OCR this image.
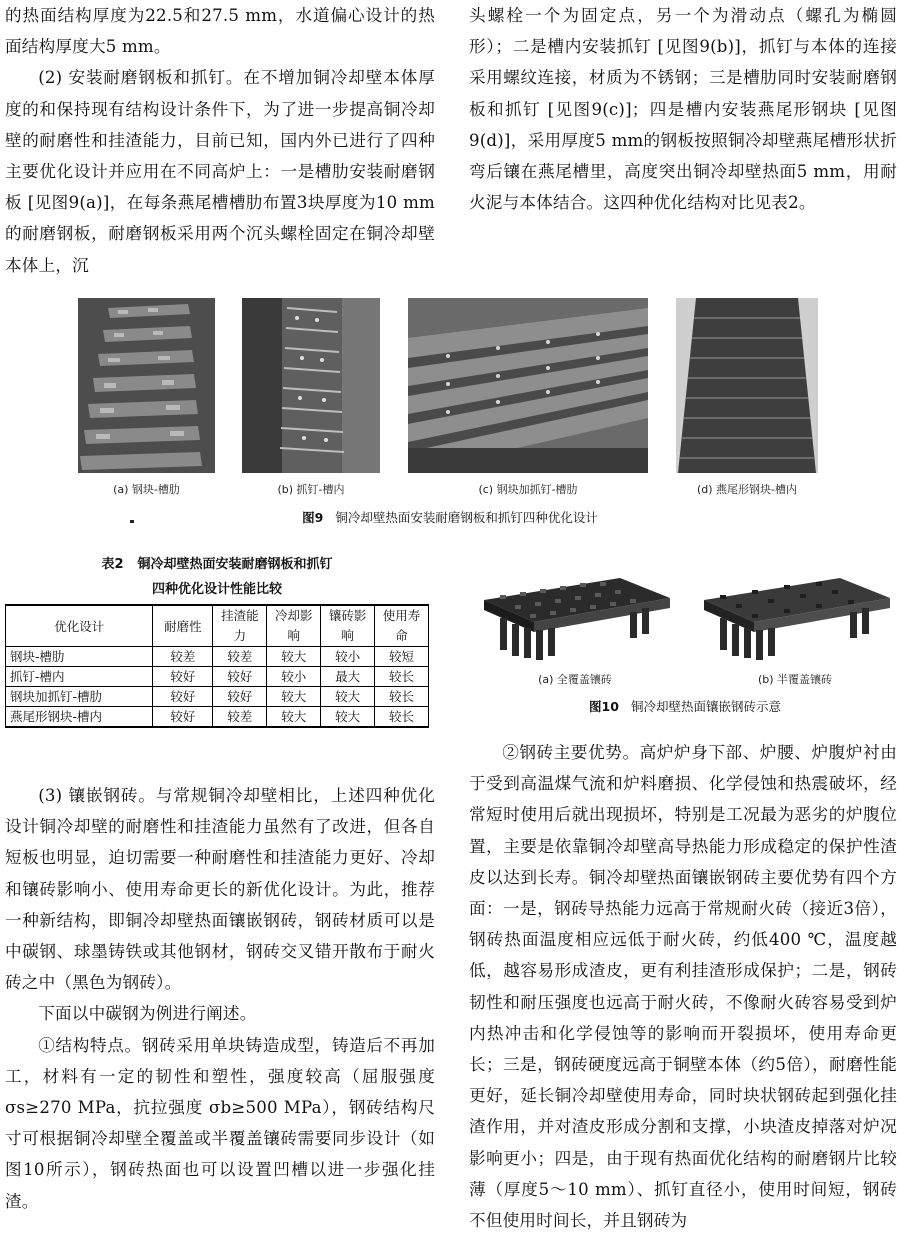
的热面结构厚度为22.5和27.5 mm，水道偏心设计的热面结构厚度大5 mm。

(2) 安装耐磨钢板和抓钉。在不增加铜冷却壁本体厚度的和保持现有结构设计条件下，为了进一步提高铜冷却壁的耐磨性和挂渣能力，目前已知，国内外已进行了四种主要优化设计并应用在不同高炉上：一是槽肋安装耐磨钢板 [见图9(a)]，在每条燕尾槽槽肋布置3块厚度为10 mm的耐磨钢板，耐磨钢板采用两个沉头螺栓固定在铜冷却壁本体上，沉

头螺栓一个为固定点，另一个为滑动点（螺孔为椭圆形）；二是槽内安装抓钉 [见图9(b)]，抓钉与本体的连接采用螺纹连接，材质为不锈钢；三是槽肋同时安装耐磨钢板和抓钉 [见图9(c)]；四是槽内安装燕尾形钢块 [见图9(d)]，采用厚度5 mm的钢板按照铜冷却壁燕尾槽形状折弯后镶在燕尾槽里，高度突出铜冷却壁热面5 mm，用耐火泥与本体结合。这四种优化结构对比见表2。

(a) 钢块-槽肋	(b) 抓钉-槽内	(c) 钢块加抓钉-槽肋	(d) 燕尾形钢块-槽内
图9 铜冷却壁热面安装耐磨钢板和抓钉四种优化设计
表2 铜冷却壁热面安装耐磨钢板和抓钉
四种优化设计性能比较
优化设计	耐磨性	挂渣能力	冷却影响	镶砖影响	使用寿命
钢块-槽肋	较差	较差	较大	较小	较短
抓钉-槽内	较好	较好	较小	最大	较长
钢块加抓钉-槽肋	较好	较好	较大	较大	较长
燕尾形钢块-槽内	较好	较差	较大	较大	较长
(a) 全覆盖镶砖	(b) 半覆盖镶砖
图10 铜冷却壁热面镶嵌钢砖示意

(3) 镶嵌钢砖。与常规铜冷却壁相比，上述四种优化设计铜冷却壁的耐磨性和挂渣能力虽然有了改进，但各自短板也明显，迫切需要一种耐磨性和挂渣能力更好、冷却和镶砖影响小、使用寿命更长的新优化设计。为此，推荐一种新结构，即铜冷却壁热面镶嵌钢砖，钢砖材质可以是中碳钢、球墨铸铁或其他钢材，钢砖交叉错开散布于耐火砖之中（黑色为钢砖）。

下面以中碳钢为例进行阐述。

①结构特点。钢砖采用单块铸造成型，铸造后不再加工，材料有一定的韧性和塑性，强度较高（屈服强度 σs≥270 MPa，抗拉强度 σb≥500 MPa），钢砖结构尺寸可根据铜冷却壁全覆盖或半覆盖镶砖需要同步设计（如图10所示），钢砖热面也可以设置凹槽以进一步强化挂渣。

②钢砖主要优势。高炉炉身下部、炉腰、炉腹炉衬由于受到高温煤气流和炉料磨损、化学侵蚀和热震破坏，经常短时使用后就出现损坏，特别是工况最为恶劣的炉腹位置，主要是依靠铜冷却壁高导热能力形成稳定的保护性渣皮以达到长寿。铜冷却壁热面镶嵌钢砖主要优势有四个方面：一是，钢砖导热能力远高于常规耐火砖（接近3倍），钢砖热面温度相应远低于耐火砖，约低400 ℃，温度越低，越容易形成渣皮，更有利挂渣形成保护；二是，钢砖韧性和耐压强度也远高于耐火砖，不像耐火砖容易受到炉内热冲击和化学侵蚀等的影响而开裂损坏，使用寿命更长；三是，钢砖硬度远高于铜壁本体（约5倍），耐磨性能更好，延长铜冷却壁使用寿命，同时块状钢砖起到强化挂渣作用，并对渣皮形成分割和支撑，小块渣皮掉落对炉况影响更小；四是，由于现有热面优化结构的耐磨钢片比较薄（厚度5～10 mm）、抓钉直径小，使用时间短，钢砖不但使用时间长，并且钢砖为
